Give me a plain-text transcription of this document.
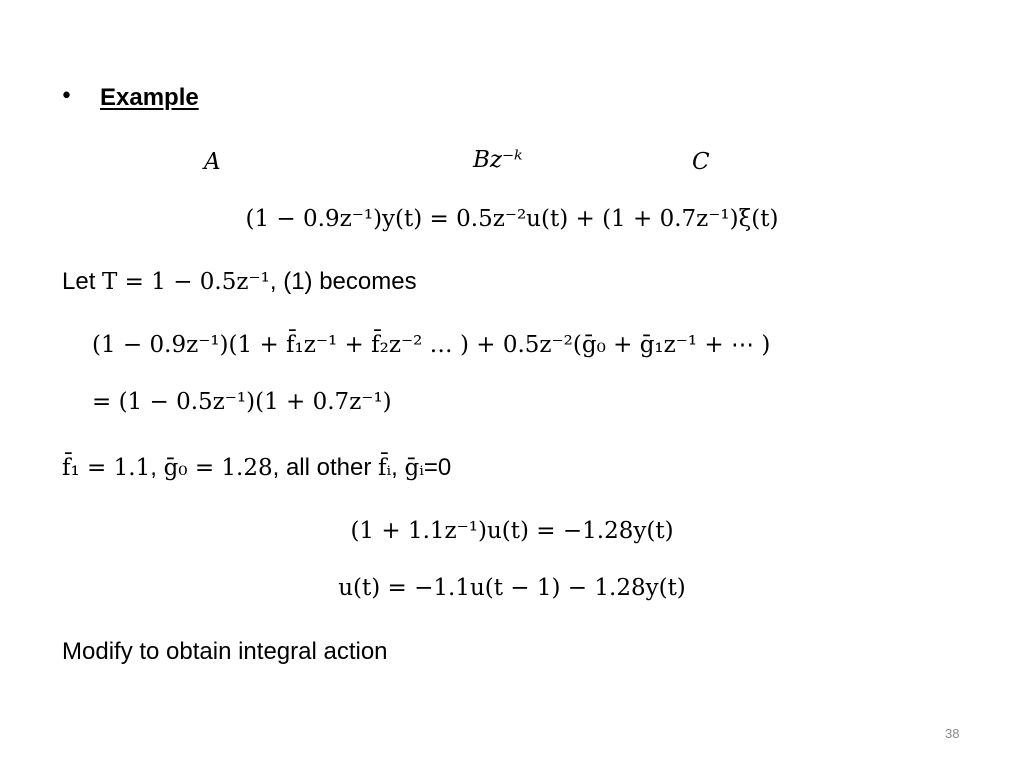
• Example
A	Bz⁻ᵏ	C
(1 − 0.9z⁻¹)y(t) = 0.5z⁻²u(t) + (1 + 0.7z⁻¹)ξ(t)
Let T = 1 − 0.5z⁻¹, (1) becomes
(1 − 0.9z⁻¹)(1 + f̄₁z⁻¹ + f̄₂z⁻² … ) + 0.5z⁻²(ḡ₀ + ḡ₁z⁻¹ + ⋯ )
= (1 − 0.5z⁻¹)(1 + 0.7z⁻¹)
f̄₁ = 1.1, ḡ₀ = 1.28, all other f̄ᵢ, ḡᵢ=0
(1 + 1.1z⁻¹)u(t) = −1.28y(t)
u(t) = −1.1u(t − 1) − 1.28y(t)
Modify to obtain integral action
38
